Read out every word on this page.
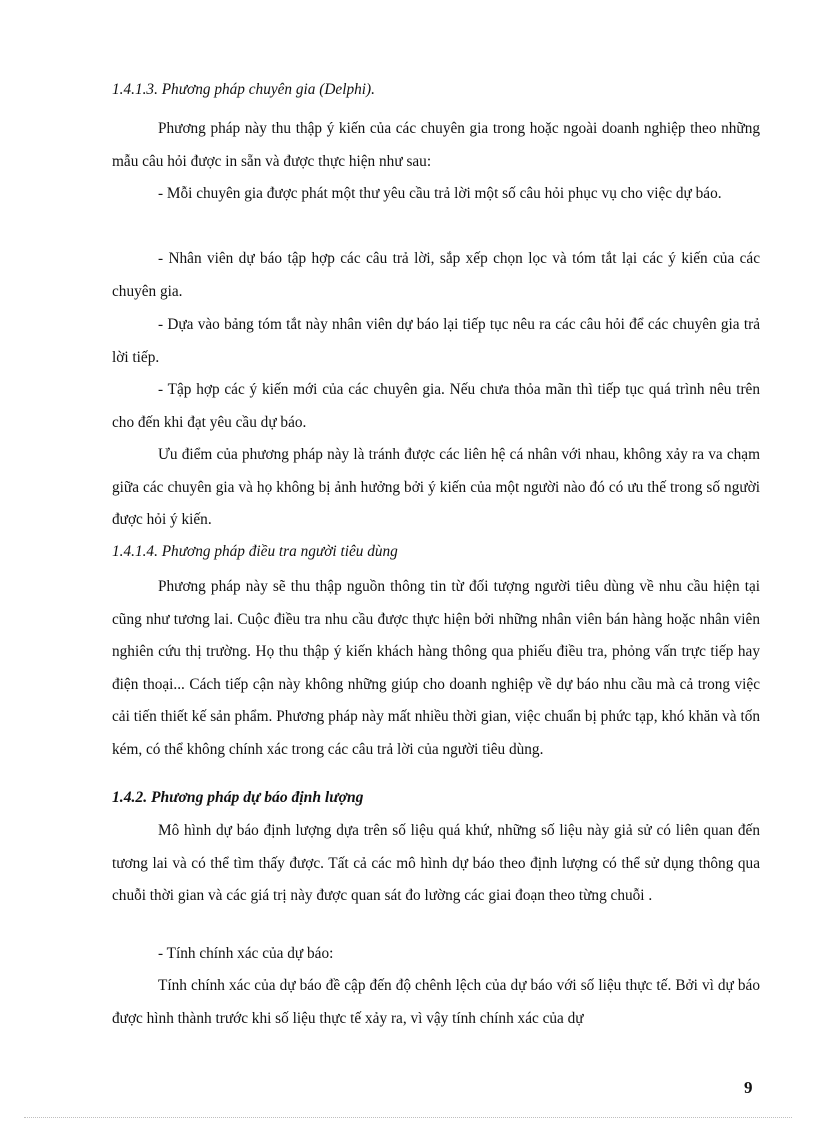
1.4.1.3. Phương pháp chuyên gia (Delphi).

Phương pháp này thu thập ý kiến của các chuyên gia trong hoặc ngoài doanh nghiệp theo những mẫu câu hỏi được in sẵn và được thực hiện như sau:

- Mỗi chuyên gia được phát một thư yêu cầu trả lời một số câu hỏi phục vụ cho việc dự báo.

- Nhân viên dự báo tập hợp các câu trả lời, sắp xếp chọn lọc và tóm tắt lại các ý kiến của các chuyên gia.

- Dựa vào bảng tóm tắt này nhân viên dự báo lại tiếp tục nêu ra các câu hỏi để các chuyên gia trả lời tiếp.

- Tập hợp các ý kiến mới của các chuyên gia. Nếu chưa thỏa mãn thì tiếp tục quá trình nêu trên cho đến khi đạt yêu cầu dự báo.

Ưu điểm của phương pháp này là tránh được các liên hệ cá nhân với nhau, không xảy ra va chạm giữa các chuyên gia và họ không bị ảnh hưởng bởi ý kiến của một người nào đó có ưu thế trong số người được hỏi ý kiến.

1.4.1.4. Phương pháp điều tra người tiêu dùng

Phương pháp này sẽ thu thập nguồn thông tin từ đối tượng người tiêu dùng về nhu cầu hiện tại cũng như tương lai. Cuộc điều tra nhu cầu được thực hiện bởi những nhân viên bán hàng hoặc nhân viên nghiên cứu thị trường. Họ thu thập ý kiến khách hàng thông qua phiếu điều tra, phỏng vấn trực tiếp hay điện thoại... Cách tiếp cận này không những giúp cho doanh nghiệp về dự báo nhu cầu mà cả trong việc cải tiến thiết kế sản phẩm. Phương pháp này mất nhiều thời gian, việc chuẩn bị phức tạp, khó khăn và tốn kém, có thể không chính xác trong các câu trả lời của người tiêu dùng.

1.4.2. Phương pháp dự báo định lượng

Mô hình dự báo định lượng dựa trên số liệu quá khứ, những số liệu này giả sử có liên quan đến tương lai và có thể tìm thấy được. Tất cả các mô hình dự báo theo định lượng có thể sử dụng thông qua chuỗi thời gian và các giá trị này được quan sát đo lường các giai đoạn theo từng chuỗi .

- Tính chính xác của dự báo:

Tính chính xác của dự báo đề cập đến độ chênh lệch của dự báo với số liệu thực tế. Bởi vì dự báo được hình thành trước khi số liệu thực tế xảy ra, vì vậy tính chính xác của dự

9
